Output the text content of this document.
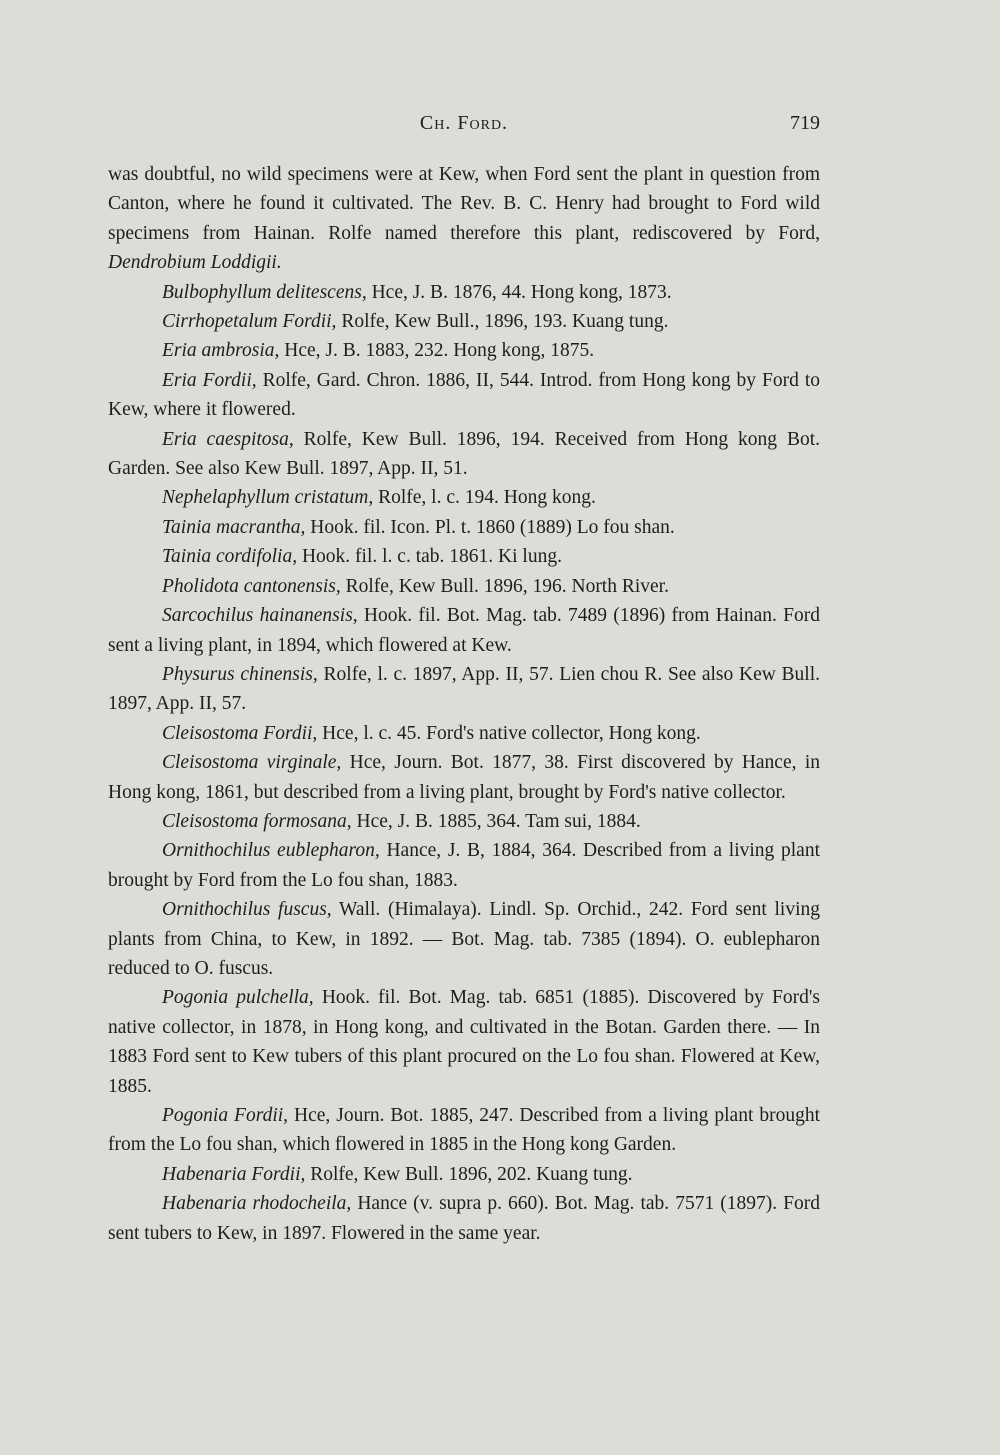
Ch. Ford.	719

was doubtful, no wild specimens were at Kew, when Ford sent the plant in question from Canton, where he found it cultivated. The Rev. B. C. Henry had brought to Ford wild specimens from Hainan. Rolfe named therefore this plant, rediscovered by Ford, Dendrobium Loddigii.

Bulbophyllum delitescens, Hce, J. B. 1876, 44. Hong kong, 1873.

Cirrhopetalum Fordii, Rolfe, Kew Bull., 1896, 193. Kuang tung.

Eria ambrosia, Hce, J. B. 1883, 232. Hong kong, 1875.

Eria Fordii, Rolfe, Gard. Chron. 1886, II, 544. Introd. from Hong kong by Ford to Kew, where it flowered.

Eria caespitosa, Rolfe, Kew Bull. 1896, 194. Received from Hong kong Bot. Garden. See also Kew Bull. 1897, App. II, 51.

Nephelaphyllum cristatum, Rolfe, l. c. 194. Hong kong.

Tainia macrantha, Hook. fil. Icon. Pl. t. 1860 (1889) Lo fou shan.

Tainia cordifolia, Hook. fil. l. c. tab. 1861. Ki lung.

Pholidota cantonensis, Rolfe, Kew Bull. 1896, 196. North River.

Sarcochilus hainanensis, Hook. fil. Bot. Mag. tab. 7489 (1896) from Hainan. Ford sent a living plant, in 1894, which flowered at Kew.

Physurus chinensis, Rolfe, l. c. 1897, App. II, 57. Lien chou R. See also Kew Bull. 1897, App. II, 57.

Cleisostoma Fordii, Hce, l. c. 45. Ford's native collector, Hong kong.

Cleisostoma virginale, Hce, Journ. Bot. 1877, 38. First discovered by Hance, in Hong kong, 1861, but described from a living plant, brought by Ford's native collector.

Cleisostoma formosana, Hce, J. B. 1885, 364. Tam sui, 1884.

Ornithochilus eublepharon, Hance, J. B, 1884, 364. Described from a living plant brought by Ford from the Lo fou shan, 1883.

Ornithochilus fuscus, Wall. (Himalaya). Lindl. Sp. Orchid., 242. Ford sent living plants from China, to Kew, in 1892. — Bot. Mag. tab. 7385 (1894). O. eublepharon reduced to O. fuscus.

Pogonia pulchella, Hook. fil. Bot. Mag. tab. 6851 (1885). Discovered by Ford's native collector, in 1878, in Hong kong, and cultivated in the Botan. Garden there. — In 1883 Ford sent to Kew tubers of this plant procured on the Lo fou shan. Flowered at Kew, 1885.

Pogonia Fordii, Hce, Journ. Bot. 1885, 247. Described from a living plant brought from the Lo fou shan, which flowered in 1885 in the Hong kong Garden.

Habenaria Fordii, Rolfe, Kew Bull. 1896, 202. Kuang tung.

Habenaria rhodocheila, Hance (v. supra p. 660). Bot. Mag. tab. 7571 (1897). Ford sent tubers to Kew, in 1897. Flowered in the same year.
